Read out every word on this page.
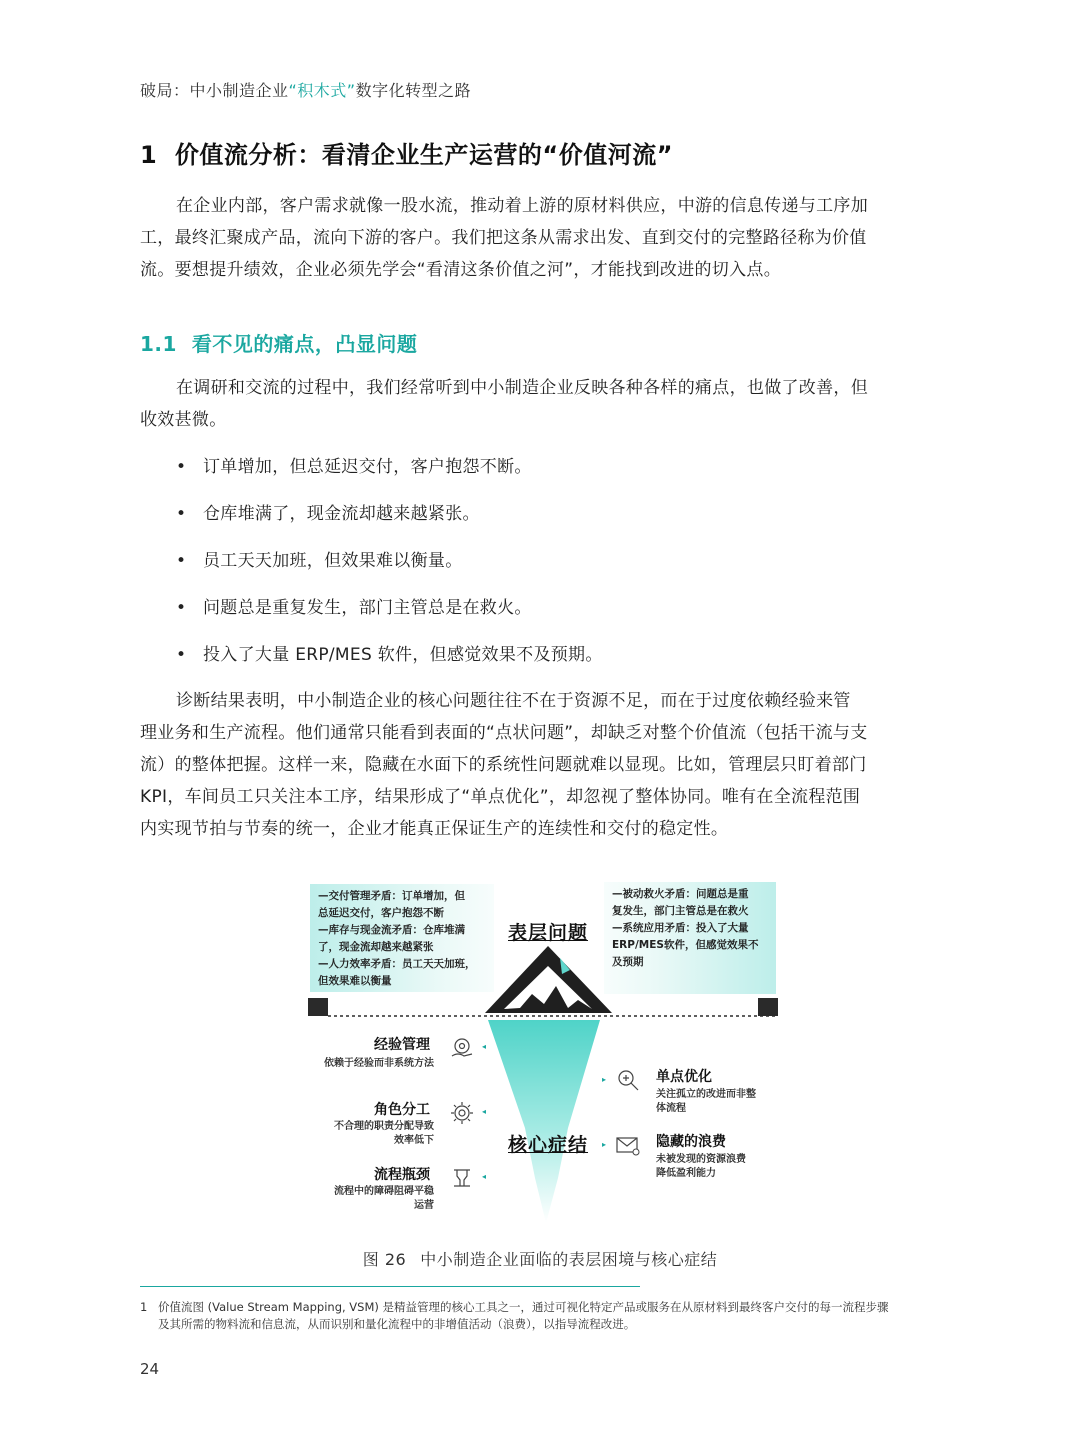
破局：中小制造企业“积木式”数字化转型之路
1 价值流分析：看清企业生产运营的“价值河流”
在企业内部，客户需求就像一股水流，推动着上游的原材料供应，中游的信息传递与工序加
工，最终汇聚成产品，流向下游的客户。我们把这条从需求出发、直到交付的完整路径称为价值
流。要想提升绩效，企业必须先学会“看清这条价值之河”，才能找到改进的切入点。
1.1 看不见的痛点，凸显问题
在调研和交流的过程中，我们经常听到中小制造企业反映各种各样的痛点，也做了改善，但
收效甚微。
• 订单增加，但总延迟交付，客户抱怨不断。
• 仓库堆满了，现金流却越来越紧张。
• 员工天天加班，但效果难以衡量。
• 问题总是重复发生，部门主管总是在救火。
• 投入了大量 ERP/MES 软件，但感觉效果不及预期。
诊断结果表明，中小制造企业的核心问题往往不在于资源不足，而在于过度依赖经验来管
理业务和生产流程。他们通常只能看到表面的“点状问题”，却缺乏对整个价值流（包括干流与支
流）的整体把握。这样一来，隐藏在水面下的系统性问题就难以显现。比如，管理层只盯着部门
KPI，车间员工只关注本工序，结果形成了“单点优化”，却忽视了整体协同。唯有在全流程范围
内实现节拍与节奏的统一，企业才能真正保证生产的连续性和交付的稳定性。
—交付管理矛盾：订单增加，但
总延迟交付，客户抱怨不断
—库存与现金流矛盾：仓库堆满
了，现金流却越来越紧张
—人力效率矛盾：员工天天加班，
但效果难以衡量
—被动救火矛盾：问题总是重
复发生，部门主管总是在救火
—系统应用矛盾：投入了大量
ERP/MES软件，但感觉效果不
及预期
表层问题
核心症结
经验管理
依赖于经验而非系统方法
◂
角色分工
不合理的职责分配导致
效率低下
◂
流程瓶颈
流程中的障碍阻碍平稳
运营
◂
▸	单点优化
关注孤立的改进而非整
体流程
▸	隐藏的浪费
未被发现的资源浪费
降低盈利能力
图 26 中小制造企业面临的表层困境与核心症结
1 价值流图 (Value Stream Mapping, VSM) 是精益管理的核心工具之一，通过可视化特定产品或服务在从原材料到最终客户交付的每一流程步骤
及其所需的物料流和信息流，从而识别和量化流程中的非增值活动（浪费），以指导流程改进。
24
